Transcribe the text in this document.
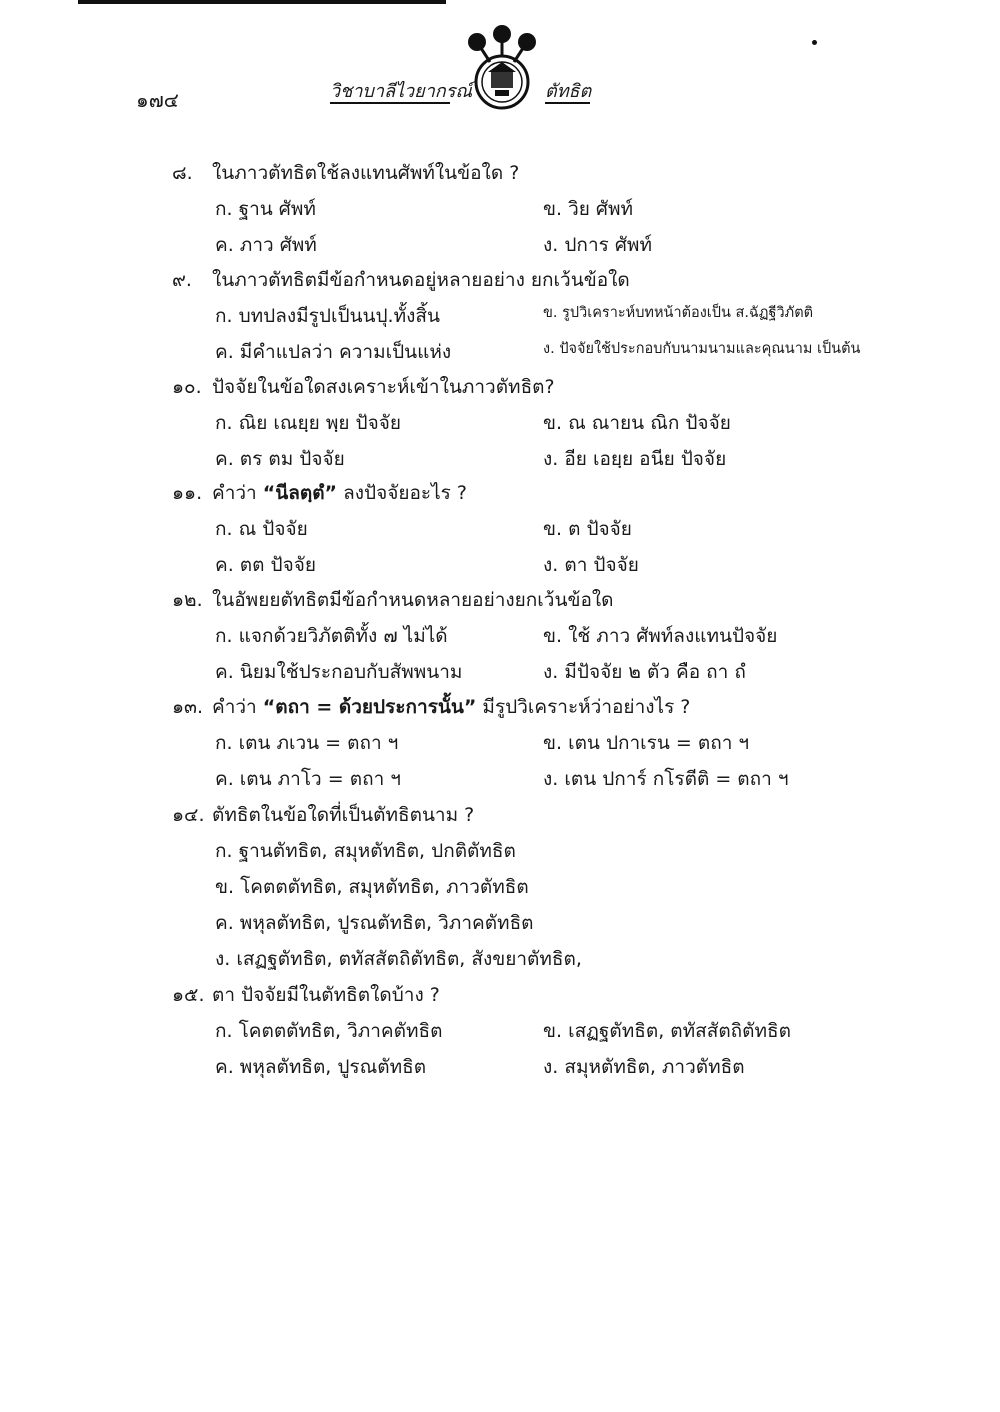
๑๗๔	วิชาบาลีไวยากรณ์	ตัทธิต
๘. ในภาวตัทธิตใช้ลงแทนศัพท์ในข้อใด ?
ก. ฐาน ศัพท์	ข. วิย ศัพท์
ค. ภาว ศัพท์	ง. ปการ ศัพท์
๙. ในภาวตัทธิตมีข้อกำหนดอยู่หลายอย่าง ยกเว้นข้อใด
ก. บทปลงมีรูปเป็นนปุ.ทั้งสิ้น	ข. รูปวิเคราะห์บทหน้าต้องเป็น ส.ฉัฏฐีวิภัตติ
ค. มีคำแปลว่า ความเป็นแห่ง	ง. ปัจจัยใช้ประกอบกับนามนามและคุณนาม เป็นต้น
๑๐. ปัจจัยในข้อใดสงเคราะห์เข้าในภาวตัทธิต?
ก. ณิย เณยฺย พฺย ปัจจัย	ข. ณ ณายน ณิก ปัจจัย
ค. ตร ตม ปัจจัย	ง. อีย เอยฺย อนีย ปัจจัย
๑๑. คำว่า “นีลตฺตํ” ลงปัจจัยอะไร ?
ก. ณ ปัจจัย	ข. ต ปัจจัย
ค. ตต ปัจจัย	ง. ตา ปัจจัย
๑๒. ในอัพยยตัทธิตมีข้อกำหนดหลายอย่างยกเว้นข้อใด
ก. แจกด้วยวิภัตติทั้ง ๗ ไม่ได้	ข. ใช้ ภาว ศัพท์ลงแทนปัจจัย
ค. นิยมใช้ประกอบกับสัพพนาม	ง. มีปัจจัย ๒ ตัว คือ ถา ถํ
๑๓. คำว่า “ตถา = ด้วยประการนั้น” มีรูปวิเคราะห์ว่าอย่างไร ?
ก. เตน ภเวน = ตถา ฯ	ข. เตน ปกาเรน = ตถา ฯ
ค. เตน ภาโว = ตถา ฯ	ง. เตน ปการ์ กโรตีติ = ตถา ฯ
๑๔. ตัทธิตในข้อใดที่เป็นตัทธิตนาม ?
ก. ฐานตัทธิต, สมุหตัทธิต, ปกติตัทธิต
ข. โคตตตัทธิต, สมุหตัทธิต, ภาวตัทธิต
ค. พหุลตัทธิต, ปูรณตัทธิต, วิภาคตัทธิต
ง. เสฏฐตัทธิต, ตทัสสัตถิตัทธิต, สังขยาตัทธิต,
๑๕. ตา ปัจจัยมีในตัทธิตใดบ้าง ?
ก. โคตตตัทธิต, วิภาคตัทธิต	ข. เสฏฐตัทธิต, ตทัสสัตถิตัทธิต
ค. พหุลตัทธิต, ปูรณตัทธิต	ง. สมุหตัทธิต, ภาวตัทธิต
